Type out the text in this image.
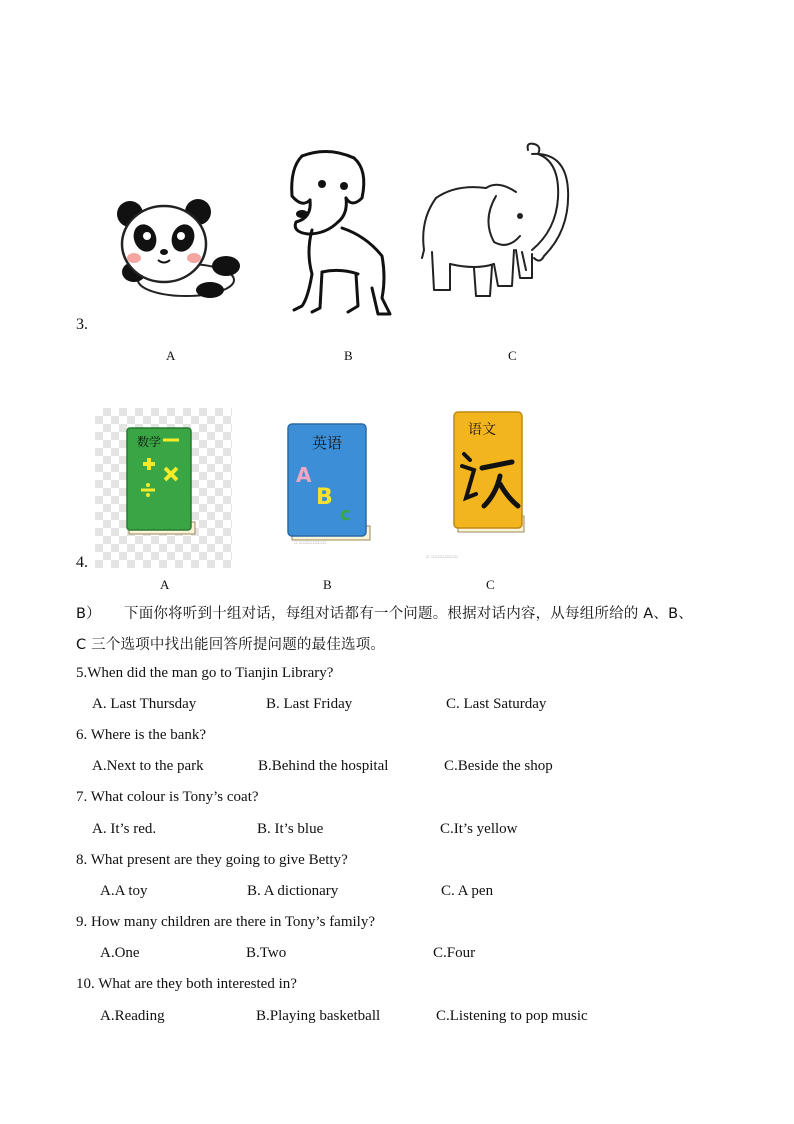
3.
A	B	C
数学	英语
A
B
c
▫ ▫▫▫▫▫▫▫▫
语文
▫ ▫▫▫▫▫▫▫▫
4.
A	B	C
B） 下面你将听到十组对话，每组对话都有一个问题。根据对话内容，从每组所给的 A、B、
C 三个选项中找出能回答所提问题的最佳选项。
5.When did the man go to Tianjin Library?
A. Last Thursday	B. Last Friday	C. Last Saturday
6. Where is the bank?
A.Next to the park	B.Behind the hospital	C.Beside the shop
7. What colour is Tony’s coat?
A. It’s red.	B. It’s blue	C.It’s yellow
8. What present are they going to give Betty?
A.A toy	B. A dictionary	C. A pen
9. How many children are there in Tony’s family?
A.One	B.Two	C.Four
10. What are they both interested in?
A.Reading	B.Playing basketball	C.Listening to pop music
